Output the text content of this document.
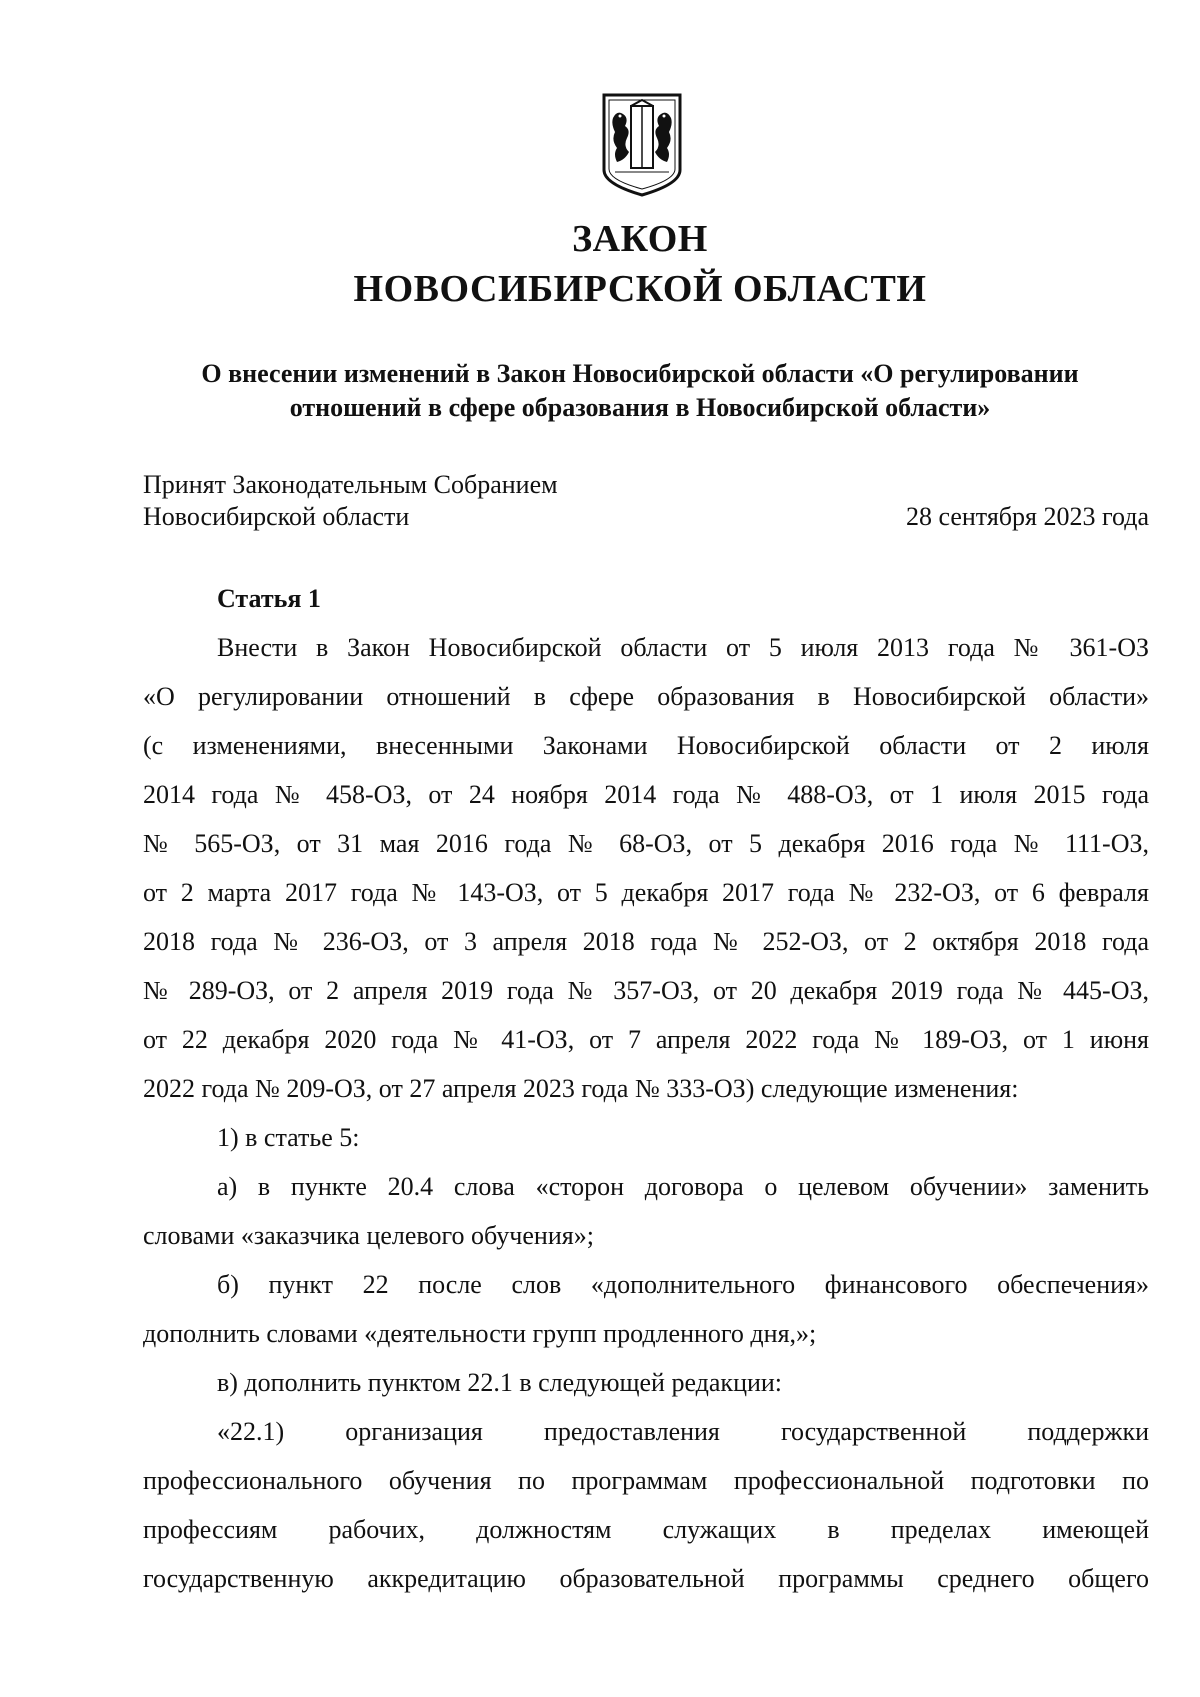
ЗАКОН
НОВОСИБИРСКОЙ ОБЛАСТИ
О внесении изменений в Закон Новосибирской области «О регулировании
отношений в сфере образования в Новосибирской области»
Принят Законодательным Собранием
Новосибирской области	28 сентября 2023 года
Статья 1
Внести в Закон Новосибирской области от 5 июля 2013 года № 361-ОЗ
«О регулировании отношений в сфере образования в Новосибирской области»
(с изменениями, внесенными Законами Новосибирской области от 2 июля
2014 года № 458-ОЗ, от 24 ноября 2014 года № 488-ОЗ, от 1 июля 2015 года
№ 565-ОЗ, от 31 мая 2016 года № 68-ОЗ, от 5 декабря 2016 года № 111-ОЗ,
от 2 марта 2017 года № 143-ОЗ, от 5 декабря 2017 года № 232-ОЗ, от 6 февраля
2018 года № 236-ОЗ, от 3 апреля 2018 года № 252-ОЗ, от 2 октября 2018 года
№ 289-ОЗ, от 2 апреля 2019 года № 357-ОЗ, от 20 декабря 2019 года № 445-ОЗ,
от 22 декабря 2020 года № 41-ОЗ, от 7 апреля 2022 года № 189-ОЗ, от 1 июня
2022 года № 209-ОЗ, от 27 апреля 2023 года № 333-ОЗ) следующие изменения:
1) в статье 5:
а) в пункте 20.4 слова «сторон договора о целевом обучении» заменить
словами «заказчика целевого обучения»;
б) пункт 22 после слов «дополнительного финансового обеспечения»
дополнить словами «деятельности групп продленного дня,»;
в) дополнить пунктом 22.1 в следующей редакции:
«22.1) организация предоставления государственной поддержки
профессионального обучения по программам профессиональной подготовки по
профессиям рабочих, должностям служащих в пределах имеющей
государственную аккредитацию образовательной программы среднего общего
